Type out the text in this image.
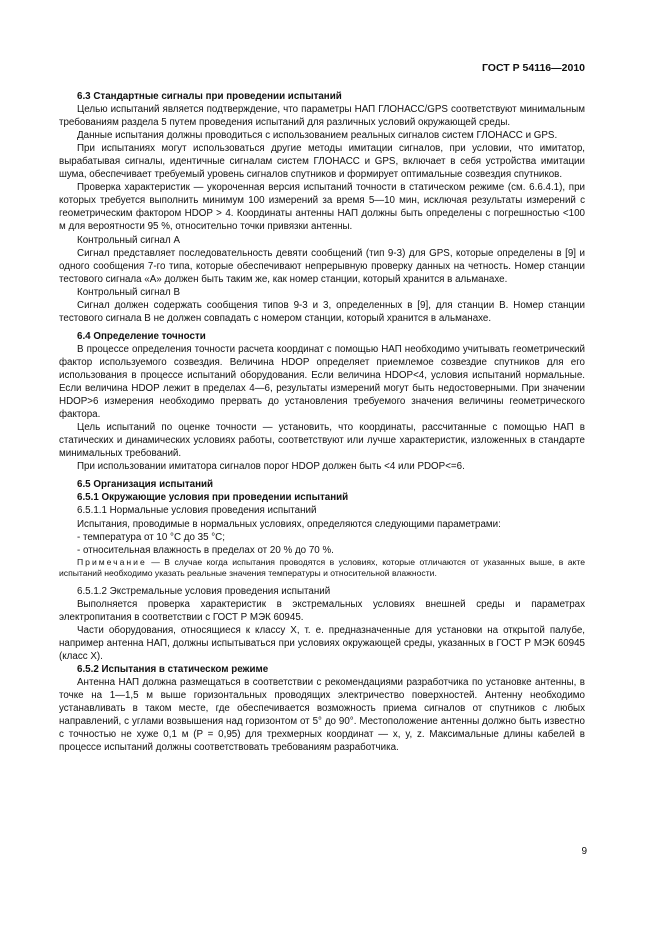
ГОСТ Р 54116—2010
6.3 Стандартные сигналы при проведении испытаний
Целью испытаний является подтверждение, что параметры НАП ГЛОНАСС/GPS соответствуют минимальным требованиям раздела 5 путем проведения испытаний для различных условий окружающей среды.
Данные испытания должны проводиться с использованием реальных сигналов систем ГЛОНАСС и GPS.
При испытаниях могут использоваться другие методы имитации сигналов, при условии, что имитатор, вырабатывая сигналы, идентичные сигналам систем ГЛОНАСС и GPS, включает в себя устройства имитации шума, обеспечивает требуемый уровень сигналов спутников и формирует оптимальные созвездия спутников.
Проверка характеристик — укороченная версия испытаний точности в статическом режиме (см. 6.6.4.1), при которых требуется выполнить минимум 100 измерений за время 5—10 мин, исключая результаты измерений с геометрическим фактором HDOP > 4. Координаты антенны НАП должны быть определены с погрешностью <100 м для вероятности 95 %, относительно точки привязки антенны.
Контрольный сигнал А
Сигнал представляет последовательность девяти сообщений (тип 9-3) для GPS, которые определены в [9] и одного сообщения 7-го типа, которые обеспечивают непрерывную проверку данных на четность. Номер станции тестового сигнала «А» должен быть таким же, как номер станции, который хранится в альманахе.
Контрольный сигнал В
Сигнал должен содержать сообщения типов 9-3 и 3, определенных в [9], для станции В. Номер станции тестового сигнала В не должен совпадать с номером станции, который хранится в альманахе.
6.4 Определение точности
В процессе определения точности расчета координат с помощью НАП необходимо учитывать геометрический фактор используемого созвездия. Величина HDOP определяет приемлемое созвездие спутников для его использования в процессе испытаний оборудования. Если величина HDOP<4, условия испытаний нормальные. Если величина HDOP лежит в пределах 4—6, результаты измерений могут быть недостоверными. При значении HDOP>6 измерения необходимо прервать до установления требуемого значения величины геометрического фактора.
Цель испытаний по оценке точности — установить, что координаты, рассчитанные с помощью НАП в статических и динамических условиях работы, соответствуют или лучше характеристик, изложенных в стандарте минимальных требований.
При использовании имитатора сигналов порог HDOP должен быть <4 или PDOP<=6.
6.5 Организация испытаний
6.5.1 Окружающие условия при проведении испытаний
6.5.1.1 Нормальные условия проведения испытаний
Испытания, проводимые в нормальных условиях, определяются следующими параметрами:
- температура от 10 °С до 35 °С;
- относительная влажность в пределах от 20 % до 70 %.
Примечание — В случае когда испытания проводятся в условиях, которые отличаются от указанных выше, в акте испытаний необходимо указать реальные значения температуры и относительной влажности.
6.5.1.2 Экстремальные условия проведения испытаний
Выполняется проверка характеристик в экстремальных условиях внешней среды и параметрах электропитания в соответствии с ГОСТ Р МЭК 60945.
Части оборудования, относящиеся к классу X, т. е. предназначенные для установки на открытой палубе, например антенна НАП, должны испытываться при условиях окружающей среды, указанных в ГОСТ Р МЭК 60945 (класс X).
6.5.2 Испытания в статическом режиме
Антенна НАП должна размещаться в соответствии с рекомендациями разработчика по установке антенны, в точке на 1—1,5 м выше горизонтальных проводящих электричество поверхностей. Антенну необходимо устанавливать в таком месте, где обеспечивается возможность приема сигналов от спутников с любых направлений, с углами возвышения над горизонтом от 5° до 90°. Местоположение антенны должно быть известно с точностью не хуже 0,1 м (P = 0,95) для трехмерных координат — x, y, z. Максимальные длины кабелей в процессе испытаний должны соответствовать требованиям разработчика.
9
